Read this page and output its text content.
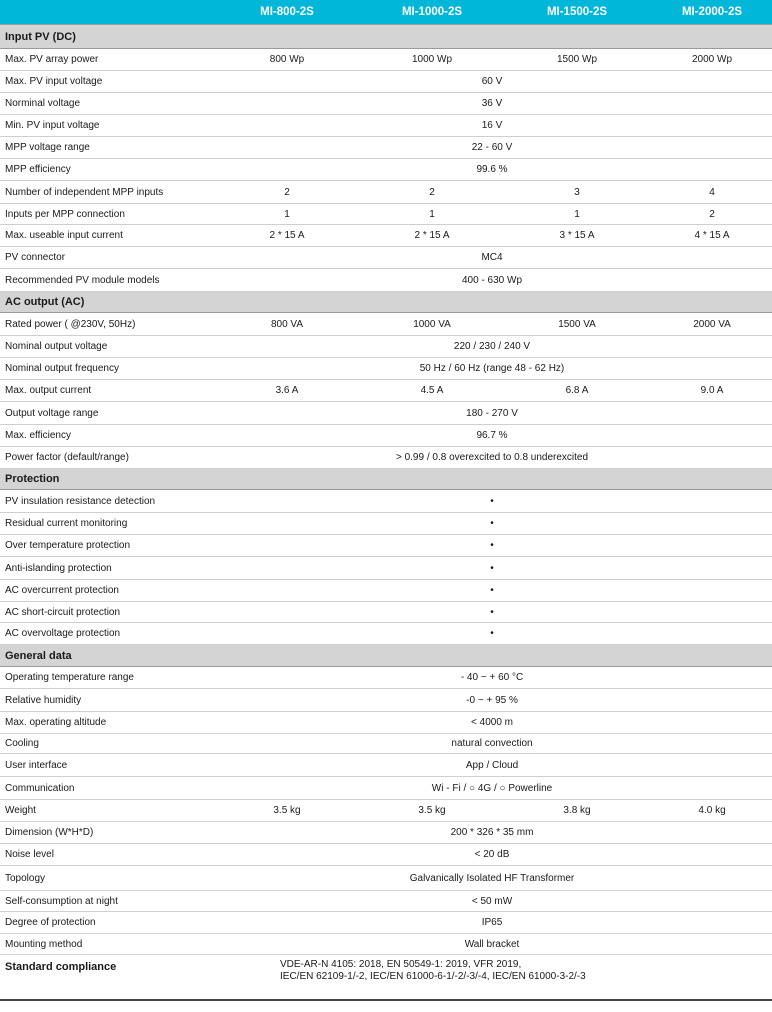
MI-800-2S	MI-1000-2S	MI-1500-2S	MI-2000-2S
Input PV (DC)				
Max. PV array power	800 Wp	1000 Wp	1500 Wp	2000 Wp
Max. PV input voltage	60 V			
Norminal voltage	36 V			
Min. PV input voltage	16 V			
MPP voltage range	22 - 60 V			
MPP efficiency	99.6 %			
Number of independent MPP inputs	2	2	3	4
Inputs per MPP connection	1	1	1	2
Max. useable input current	2 * 15 A	2 * 15 A	3 * 15 A	4 * 15 A
PV connector	MC4			
Recommended PV module models	400 - 630 Wp			
AC output (AC)				
Rated power ( @230V, 50Hz)	800 VA	1000 VA	1500 VA	2000 VA
Nominal output voltage	220 / 230 / 240 V			
Nominal output frequency	50 Hz / 60 Hz (range 48 - 62 Hz)			
Max. output current	3.6 A	4.5 A	6.8 A	9.0 A
Output voltage range	180 - 270 V			
Max. efficiency	96.7 %			
Power factor (default/range)	> 0.99 / 0.8 overexcited to 0.8 underexcited			
Protection				
PV insulation resistance detection	•			
Residual current monitoring	•			
Over temperature protection	•			
Anti-islanding protection	•			
AC overcurrent protection	•			
AC short-circuit protection	•			
AC overvoltage protection	•			
General data				
Operating temperature range	- 40 ~ + 60 °C			
Relative humidity	-0 ~ + 95 %			
Max. operating altitude	< 4000 m			
Cooling	natural convection			
User interface	App / Cloud			
Communication	Wi - Fi / ○ 4G / ○ Powerline			
Weight	3.5 kg	3.5 kg	3.8 kg	4.0 kg
Dimension (W*H*D)	200 * 326 * 35 mm			
Noise level	< 20 dB			
Topology	Galvanically Isolated HF Transformer			
Self-consumption at night	< 50 mW			
Degree of protection	IP65			
Mounting method	Wall bracket			
Standard compliance	VDE-AR-N 4105: 2018, EN 50549-1: 2019, VFR 2019,
IEC/EN 62109-1/-2, IEC/EN 61000-6-1/-2/-3/-4, IEC/EN 61000-3-2/-3			
